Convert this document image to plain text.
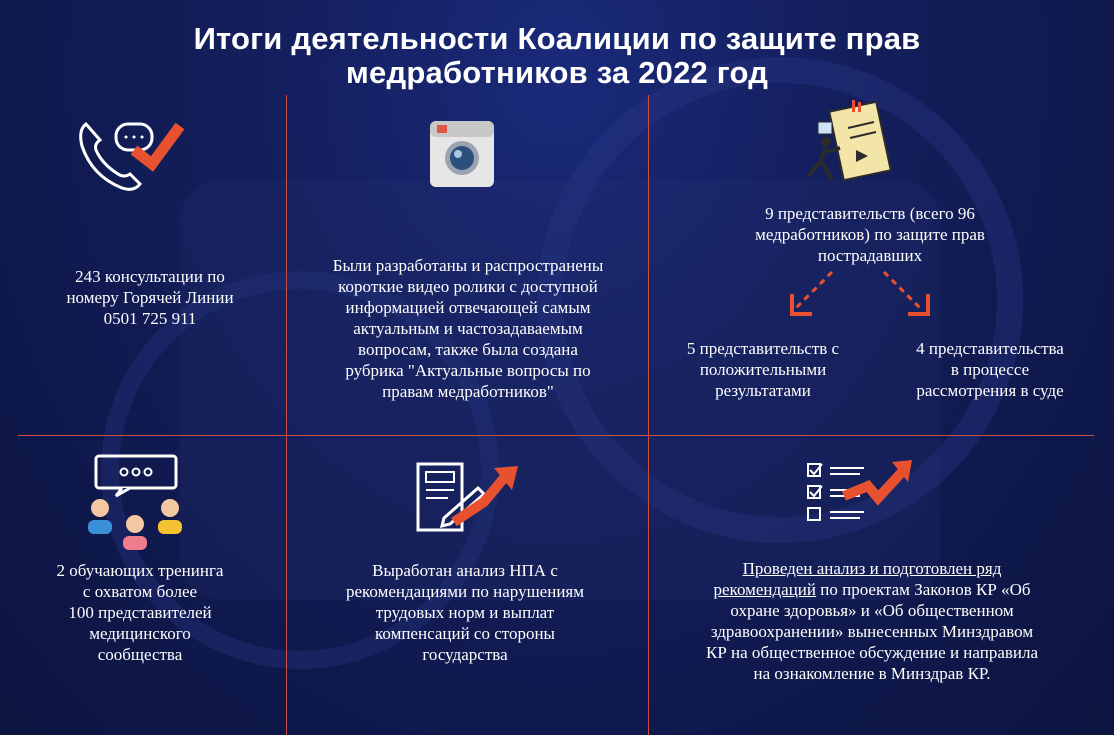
Итоги деятельности Коалиции по защите прав
медработников за 2022 год
243 консультации по
номеру Горячей Линии
0501 725 911
Были разработаны и распространены
короткие видео ролики с доступной
информацией отвечающей самым
актуальным и частозадаваемым
вопросам, также была создана
рубрика "Актуальные вопросы по
правам медработников"
9 представительств (всего 96
медработников) по защите прав
пострадавших
5 представительств с
положительными
результатами
4 представительства
в процессе
рассмотрения в суде
2 обучающих тренинга
с охватом более
100 представителей
медицинского
сообщества
Выработан анализ НПА с
рекомендациями по нарушениям
трудовых норм и выплат
компенсаций со стороны
государства
Проведен анализ и подготовлен ряд
рекомендаций по проектам Законов КР «Об
охране здоровья» и «Об общественном
здравоохранении» вынесенных Минздравом
КР на общественное обсуждение и направила
на ознакомление в Минздрав КР.
